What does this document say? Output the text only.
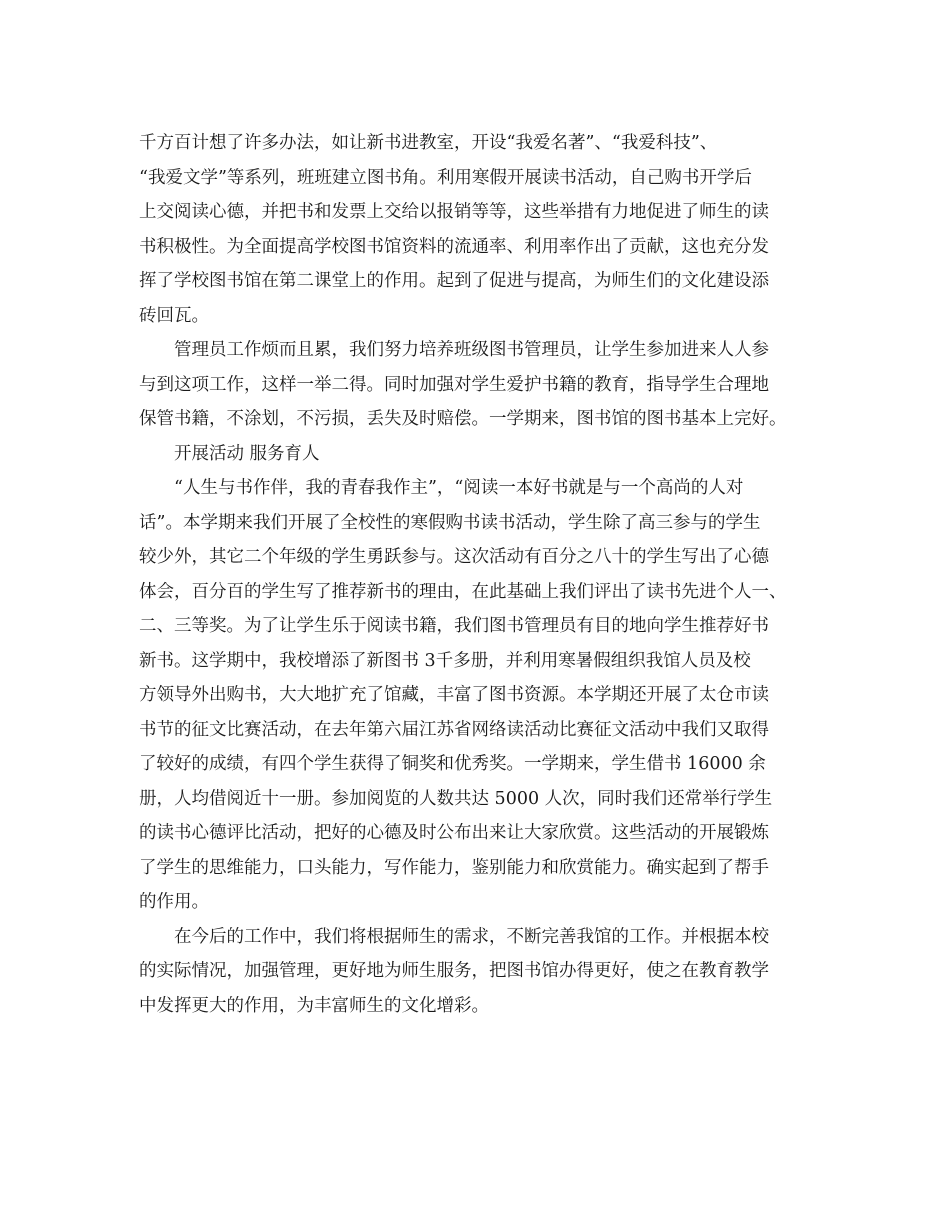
千方百计想了许多办法，如让新书进教室，开设“我爱名著”、“我爱科技”、
“我爱文学”等系列，班班建立图书角。利用寒假开展读书活动，自己购书开学后
上交阅读心德，并把书和发票上交给以报销等等，这些举措有力地促进了师生的读
书积极性。为全面提高学校图书馆资料的流通率、利用率作出了贡献，这也充分发
挥了学校图书馆在第二课堂上的作用。起到了促进与提高，为师生们的文化建设添
砖回瓦。
管理员工作烦而且累，我们努力培养班级图书管理员，让学生参加进来人人参
与到这项工作，这样一举二得。同时加强对学生爱护书籍的教育，指导学生合理地
保管书籍，不涂划，不污损，丢失及时赔偿。一学期来，图书馆的图书基本上完好。
开展活动 服务育人
“人生与书作伴，我的青春我作主”，“阅读一本好书就是与一个高尚的人对
话”。本学期来我们开展了全校性的寒假购书读书活动，学生除了高三参与的学生
较少外，其它二个年级的学生勇跃参与。这次活动有百分之八十的学生写出了心德
体会，百分百的学生写了推荐新书的理由，在此基础上我们评出了读书先进个人一、
二、三等奖。为了让学生乐于阅读书籍，我们图书管理员有目的地向学生推荐好书
新书。这学期中，我校增添了新图书 3千多册，并利用寒暑假组织我馆人员及校
方领导外出购书，大大地扩充了馆藏，丰富了图书资源。本学期还开展了太仓市读
书节的征文比赛活动，在去年第六届江苏省网络读活动比赛征文活动中我们又取得
了较好的成绩，有四个学生获得了铜奖和优秀奖。一学期来，学生借书 16000 余
册，人均借阅近十一册。参加阅览的人数共达 5000 人次，同时我们还常举行学生
的读书心德评比活动，把好的心德及时公布出来让大家欣赏。这些活动的开展锻炼
了学生的思维能力，口头能力，写作能力，鉴别能力和欣赏能力。确实起到了帮手
的作用。
在今后的工作中，我们将根据师生的需求，不断完善我馆的工作。并根据本校
的实际情况，加强管理，更好地为师生服务，把图书馆办得更好，使之在教育教学
中发挥更大的作用，为丰富师生的文化增彩。
